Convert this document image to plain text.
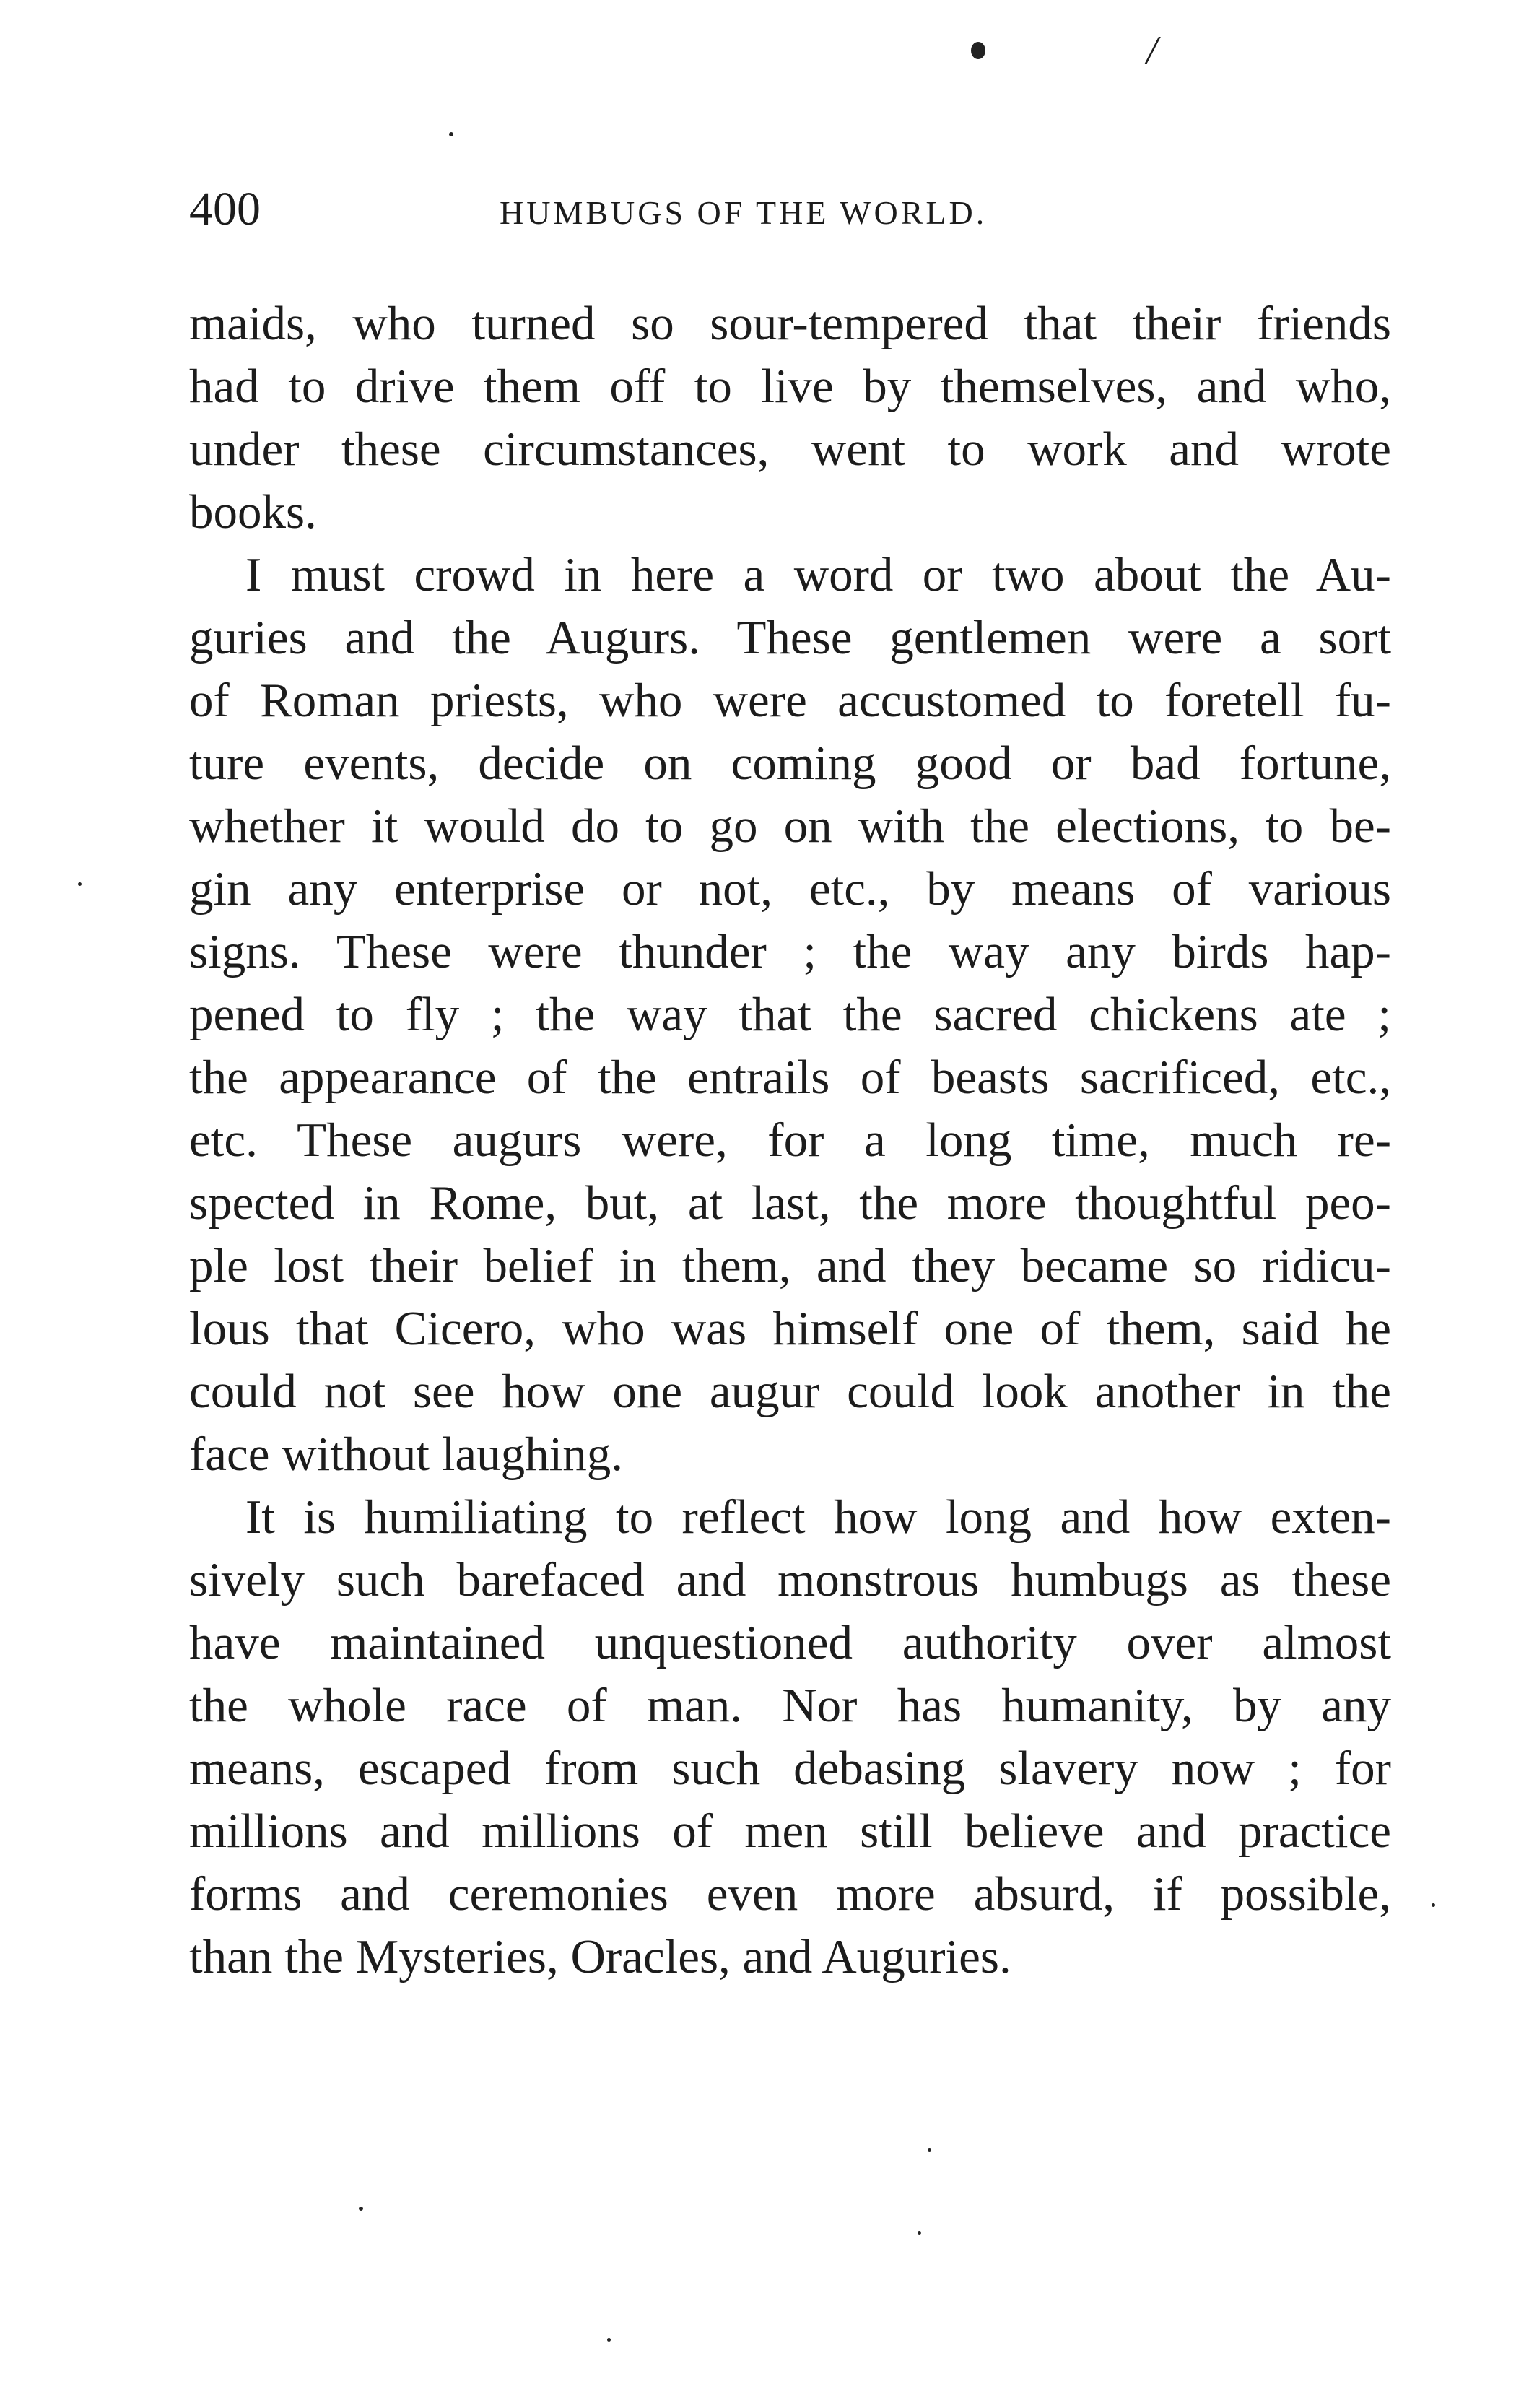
/
400	HUMBUGS OF THE WORLD.
maids, who turned so sour-tempered that their friends
had to drive them off to live by themselves, and who,
under these circumstances, went to work and wrote
books.
I must crowd in here a word or two about the Au-
guries and the Augurs. These gentlemen were a sort
of Roman priests, who were accustomed to foretell fu-
ture events, decide on coming good or bad fortune,
whether it would do to go on with the elections, to be-
gin any enterprise or not, etc., by means of various
signs. These were thunder ; the way any birds hap-
pened to fly ; the way that the sacred chickens ate ;
the appearance of the entrails of beasts sacrificed, etc.,
etc. These augurs were, for a long time, much re-
spected in Rome, but, at last, the more thoughtful peo-
ple lost their belief in them, and they became so ridicu-
lous that Cicero, who was himself one of them, said he
could not see how one augur could look another in the
face without laughing.
It is humiliating to reflect how long and how exten-
sively such barefaced and monstrous humbugs as these
have maintained unquestioned authority over almost
the whole race of man. Nor has humanity, by any
means, escaped from such debasing slavery now ; for
millions and millions of men still believe and practice
forms and ceremonies even more absurd, if possible,
than the Mysteries, Oracles, and Auguries.
